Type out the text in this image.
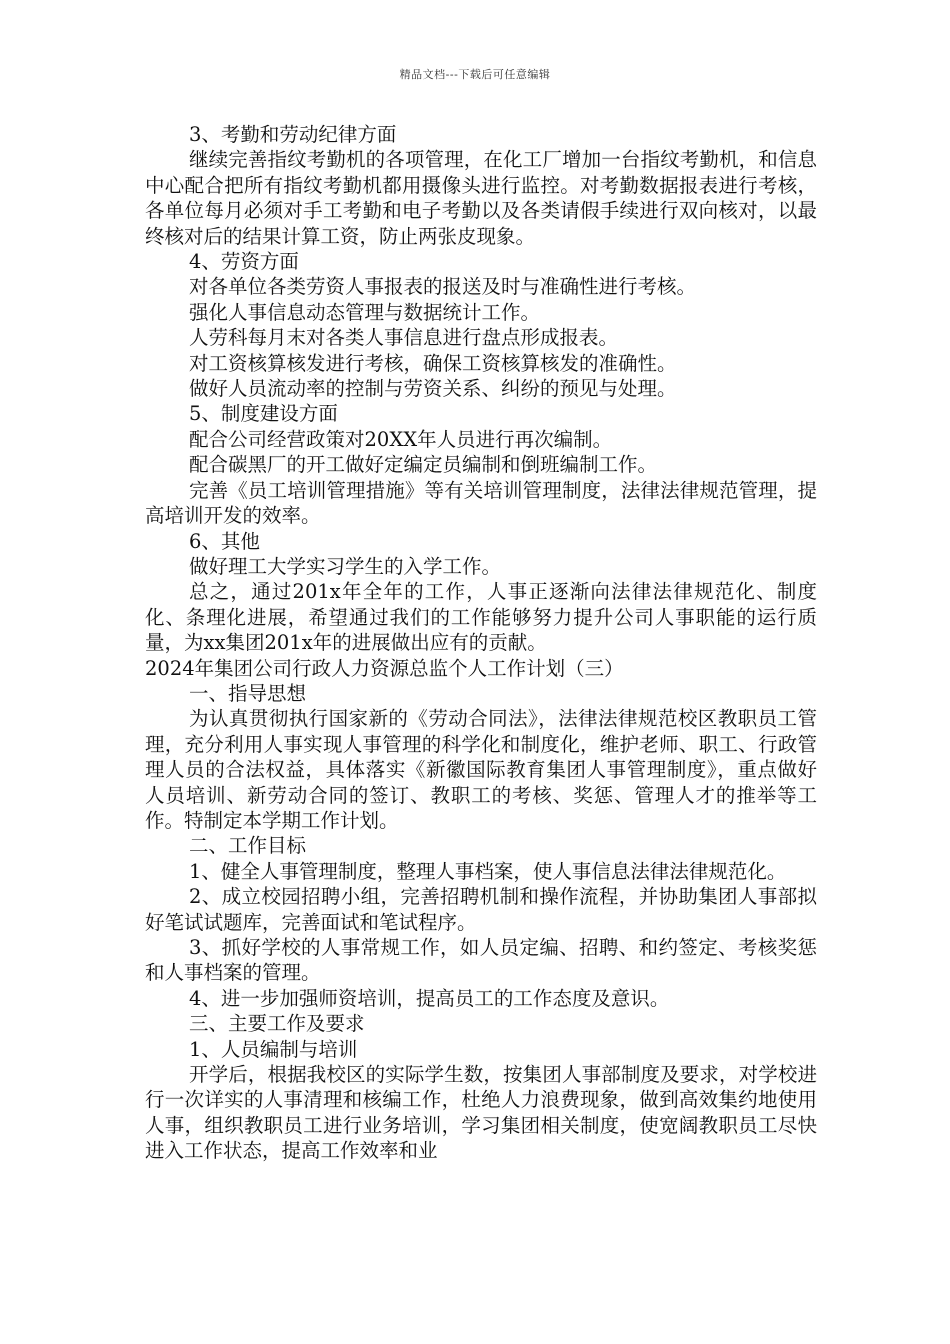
精品文档---下载后可任意编辑

3、考勤和劳动纪律方面

继续完善指纹考勤机的各项管理，在化工厂增加一台指纹考勤机，和信息中心配合把所有指纹考勤机都用摄像头进行监控。对考勤数据报表进行考核，各单位每月必须对手工考勤和电子考勤以及各类请假手续进行双向核对，以最终核对后的结果计算工资，防止两张皮现象。

4、劳资方面

对各单位各类劳资人事报表的报送及时与准确性进行考核。

强化人事信息动态管理与数据统计工作。

人劳科每月末对各类人事信息进行盘点形成报表。

对工资核算核发进行考核，确保工资核算核发的准确性。

做好人员流动率的控制与劳资关系、纠纷的预见与处理。

5、制度建设方面

配合公司经营政策对20XX年人员进行再次编制。

配合碳黑厂的开工做好定编定员编制和倒班编制工作。

完善《员工培训管理措施》等有关培训管理制度，法律法律规范管理，提高培训开发的效率。

6、其他

做好理工大学实习学生的入学工作。

总之，通过201x年全年的工作，人事正逐渐向法律法律规范化、制度化、条理化进展，希望通过我们的工作能够努力提升公司人事职能的运行质量，为xx集团201x年的进展做出应有的贡献。

2024年集团公司行政人力资源总监个人工作计划（三）

一、指导思想

为认真贯彻执行国家新的《劳动合同法》，法律法律规范校区教职员工管理，充分利用人事实现人事管理的科学化和制度化，维护老师、职工、行政管理人员的合法权益，具体落实《新徽国际教育集团人事管理制度》，重点做好人员培训、新劳动合同的签订、教职工的考核、奖惩、管理人才的推举等工作。特制定本学期工作计划。

二、工作目标

1、健全人事管理制度，整理人事档案，使人事信息法律法律规范化。

2、成立校园招聘小组，完善招聘机制和操作流程，并协助集团人事部拟好笔试试题库，完善面试和笔试程序。

3、抓好学校的人事常规工作，如人员定编、招聘、和约签定、考核奖惩和人事档案的管理。

4、进一步加强师资培训，提高员工的工作态度及意识。

三、主要工作及要求

1、人员编制与培训

开学后，根据我校区的实际学生数，按集团人事部制度及要求，对学校进行一次详实的人事清理和核编工作，杜绝人力浪费现象，做到高效集约地使用人事，组织教职员工进行业务培训，学习集团相关制度，使宽阔教职员工尽快进入工作状态，提高工作效率和业
